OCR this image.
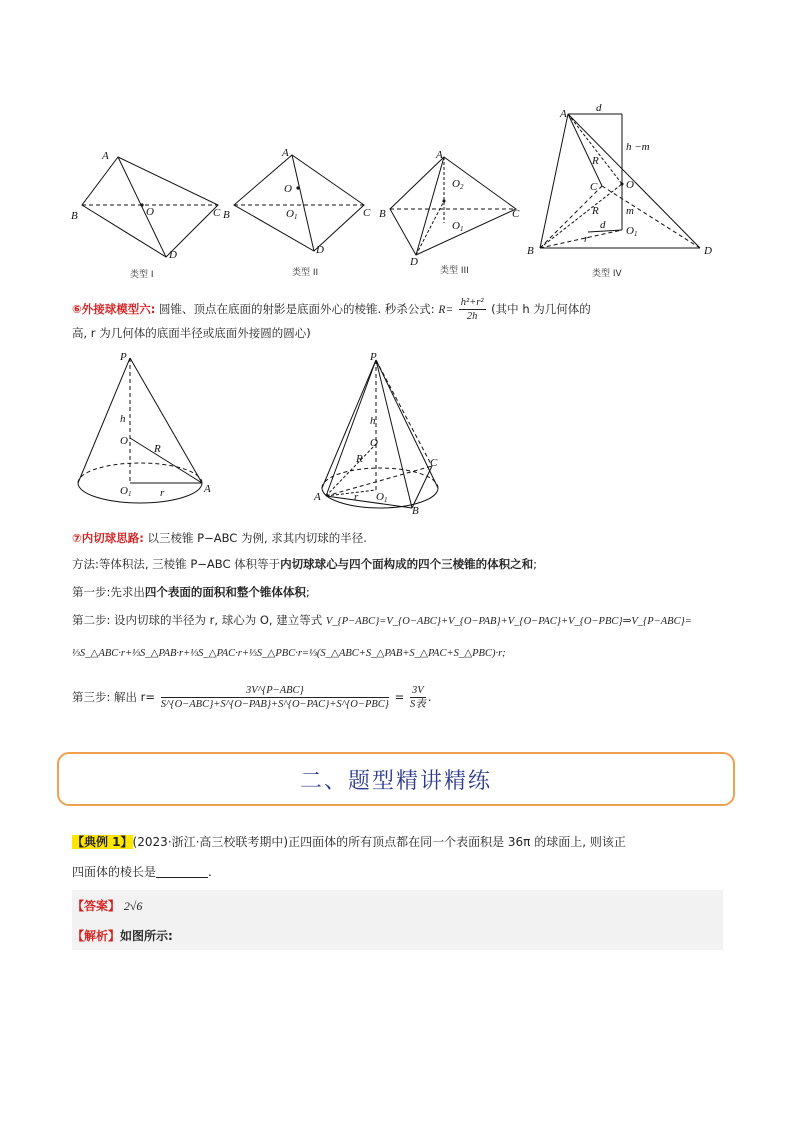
A
B	C
D
O
类型 I
A
B	C
D
O
O1
类型 II
A
B	C
D
O1
O2
类型 III
A	d
h −m
R
C	O
m
R
d
r
O1
B	D
类型 IV
⑥外接球模型六: 圆锥、顶点在底面的射影是底面外心的棱锥. 秒杀公式: $R= \frac{\text{h²+r²}}{2h}$ (其中 h 为几何体的
高, r 为几何体的底面半径或底面外接圆的圆心)
P
h
O
R
O1	r	A
P
h
O
R	C
r O1
A
B
⑦内切球思路: 以三棱锥 P−ABC 为例, 求其内切球的半径.
方法:等体积法, 三棱锥 P−ABC 体积等于内切球球心与四个面构成的四个三棱锥的体积之和;
第一步:先求出四个表面的面积和整个锥体体积;
第二步: 设内切球的半径为 r, 球心为 O, 建立等式 V_{P−ABC}=V_{O−ABC}+V_{O−PAB}+V_{O−PAC}+V_{O−PBC}⇒V_{P−ABC}=
⅓S_△ABC·r+⅓S_△PAB·r+⅓S_△PAC·r+⅓S_△PBC·r=⅓(S_△ABC+S_△PAB+S_△PAC+S_△PBC)·r;
第三步: 解出 $r= \frac{\text{3V\textasciicircum{}\{P−ABC\}}}{\text{S\textasciicircum{}\{O−ABC\}+S\textasciicircum{}\{O−PAB\}+S\textasciicircum{}\{O−PAC\}+S\textasciicircum{}\{O−PBC\}}} = \frac{3V}{\text{S表}}$ .
二、题型精讲精练
【典例 1】(2023·浙江·高三校联考期中)正四面体的所有顶点都在同一个表面积是 36π 的球面上, 则该正
四面体的棱长是	.
【答案】 2√6
【解析】如图所示:
